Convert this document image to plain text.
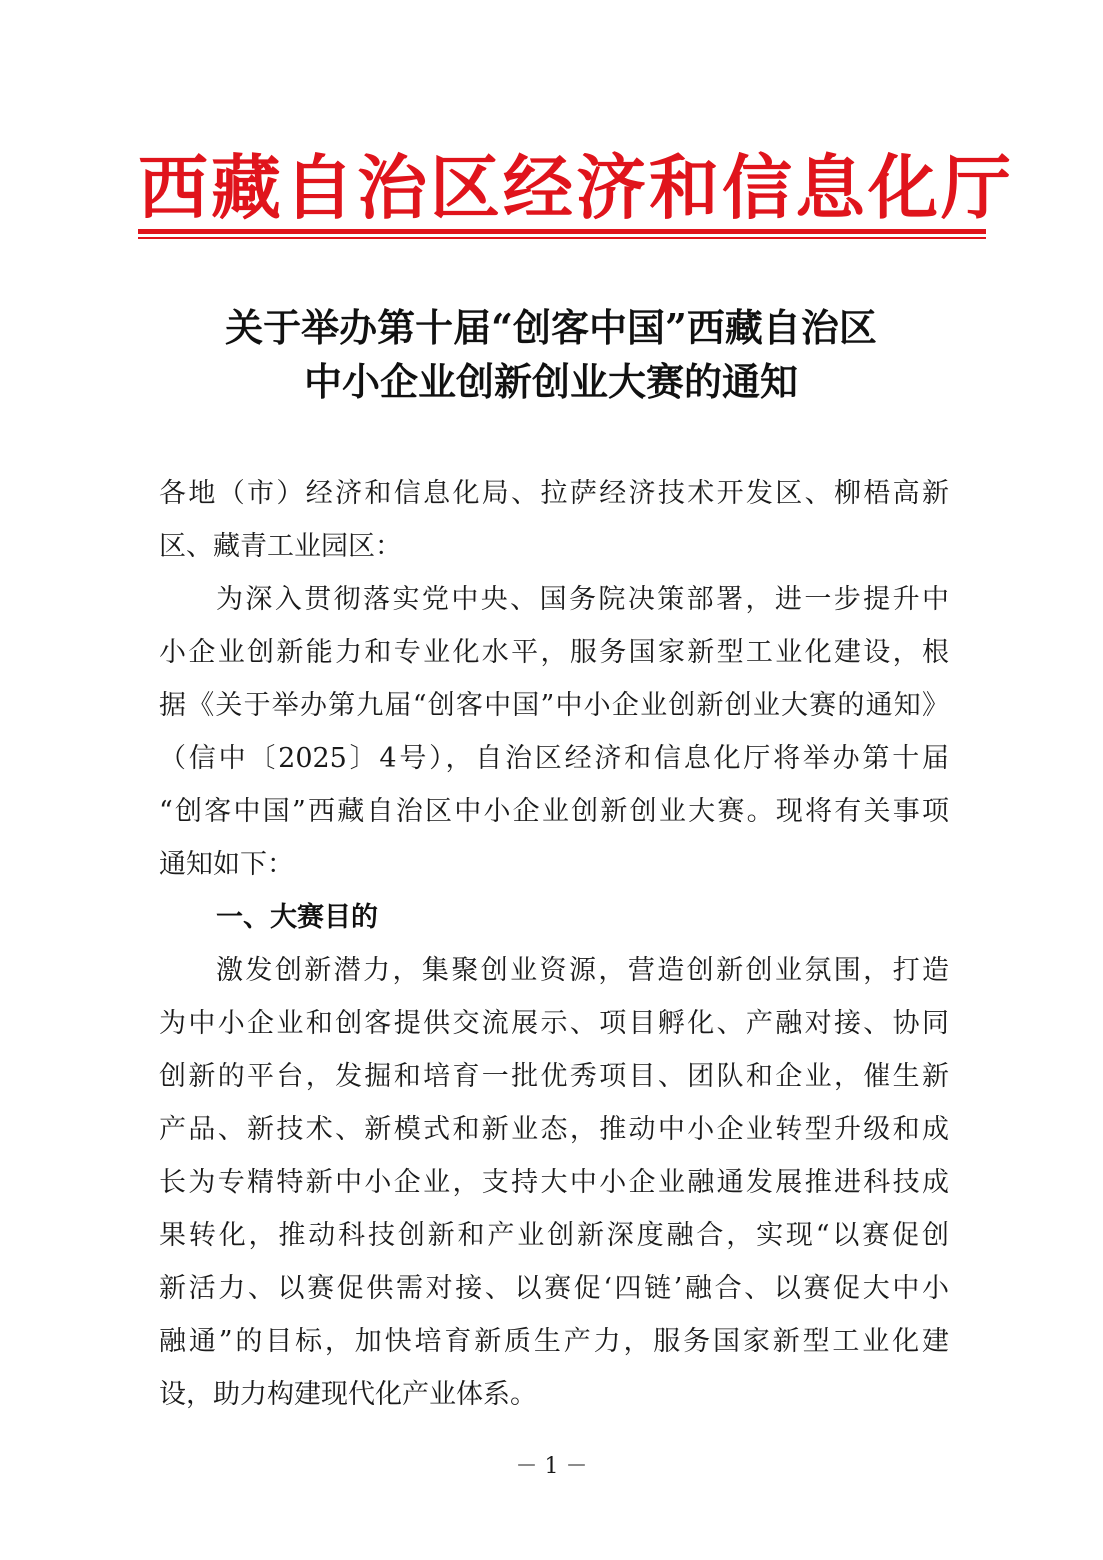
西藏自治区经济和信息化厅
关于举办第十届“创客中国”西藏自治区
中小企业创新创业大赛的通知
各地（市）经济和信息化局、拉萨经济技术开发区、柳梧高新
区、藏青工业园区：
为深入贯彻落实党中央、国务院决策部署，进一步提升中
小企业创新能力和专业化水平，服务国家新型工业化建设，根
据《关于举办第九届“创客中国”中小企业创新创业大赛的通知》
（信中〔2025〕4号），自治区经济和信息化厅将举办第十届
“创客中国”西藏自治区中小企业创新创业大赛。现将有关事项
通知如下：
一、大赛目的
激发创新潜力，集聚创业资源，营造创新创业氛围，打造
为中小企业和创客提供交流展示、项目孵化、产融对接、协同
创新的平台，发掘和培育一批优秀项目、团队和企业，催生新
产品、新技术、新模式和新业态，推动中小企业转型升级和成
长为专精特新中小企业，支持大中小企业融通发展推进科技成
果转化，推动科技创新和产业创新深度融合，实现“以赛促创
新活力、以赛促供需对接、以赛促‘四链’融合、以赛促大中小
融通”的目标，加快培育新质生产力，服务国家新型工业化建
设，助力构建现代化产业体系。
－ 1 －
